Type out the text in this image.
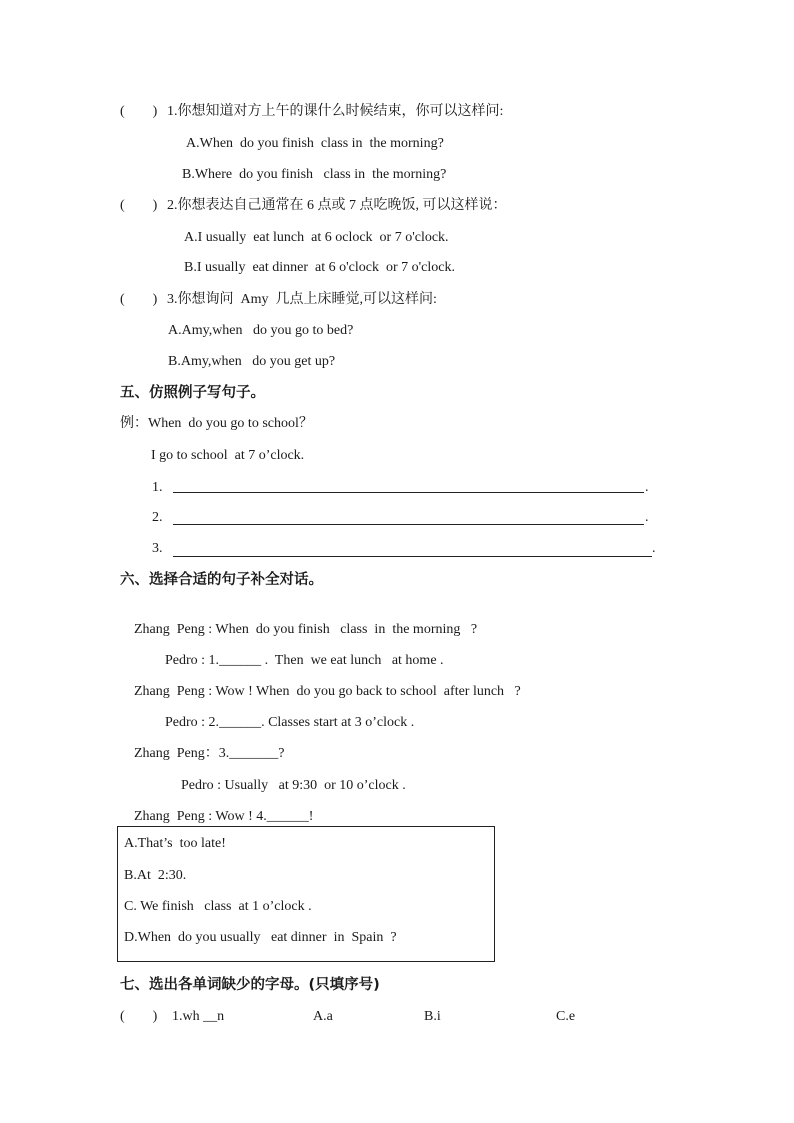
(        ) 1.你想知道对方上午的课什么时候结束，你可以这样问:
A.When  do you finish  class in  the morning?
B.Where  do you finish   class in  the morning?
(        ) 2.你想表达自己通常在 6 点或 7 点吃晚饭, 可以这样说：
A.I usually  eat lunch  at 6 oclock  or 7 o'clock.
B.I usually  eat dinner  at 6 o'clock  or 7 o'clock.
(        ) 3.你想询问  Amy  几点上床睡觉,可以这样问:
A.Amy,when   do you go to bed?
B.Amy,when   do you get up?
五、仿照例子写句子。
例：When  do you go to school？
I go to school  at 7 o’clock.
1.	.
2.	.
3.	.
六、选择合适的句子补全对话。

Zhang  Peng : When  do you finish   class  in  the morning   ?

Pedro : 1.______ .  Then  we eat lunch   at home .

Zhang  Peng : Wow ! When  do you go back to school  after lunch   ?

Pedro : 2.______. Classes start at 3 o’clock .

Zhang  Peng：3._______?

Pedro : Usually   at 9:30  or 10 o’clock .

Zhang  Peng : Wow ! 4.______!

A.That’s  too late!
B.At  2:30.
C. We finish   class  at 1 o’clock .
D.When  do you usually   eat dinner  in  Spain  ?
七、选出各单词缺少的字母。(只填序号)
(        ) 1.wh __n	A.a	B.i	C.e
